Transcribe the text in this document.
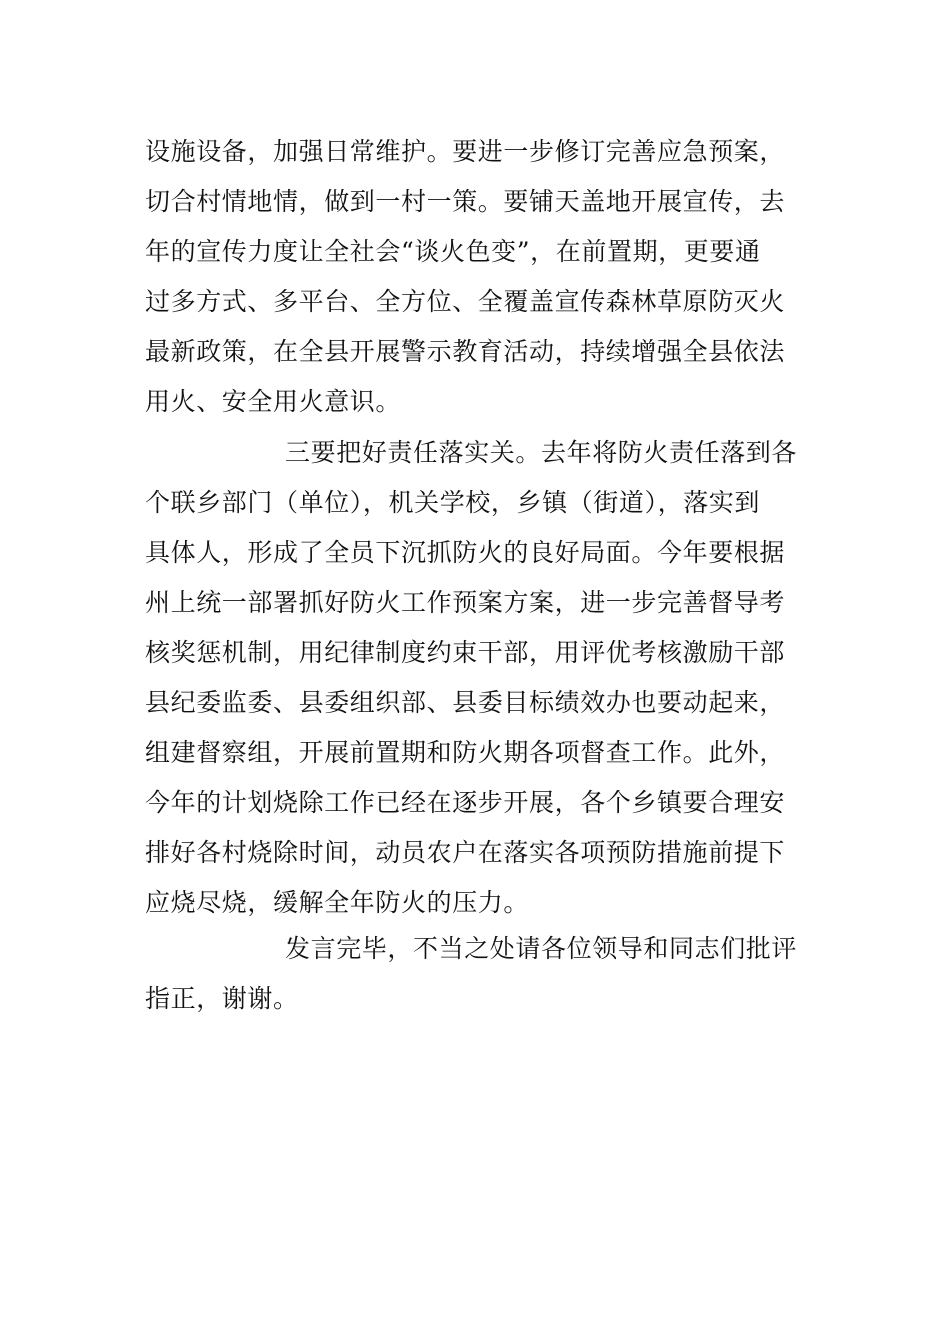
设施设备，加强日常维护。要进一步修订完善应急预案，
切合村情地情，做到一村一策。要铺天盖地开展宣传，去
年的宣传力度让全社会“谈火色变”，在前置期，更要通
过多方式、多平台、全方位、全覆盖宣传森林草原防灭火
最新政策，在全县开展警示教育活动，持续增强全县依法
用火、安全用火意识。
三要把好责任落实关。去年将防火责任落到各
个联乡部门（单位），机关学校，乡镇（街道），落实到
具体人，形成了全员下沉抓防火的良好局面。今年要根据
州上统一部署抓好防火工作预案方案，进一步完善督导考
核奖惩机制，用纪律制度约束干部，用评优考核激励干部
县纪委监委、县委组织部、县委目标绩效办也要动起来，
组建督察组，开展前置期和防火期各项督查工作。此外，
今年的计划烧除工作已经在逐步开展，各个乡镇要合理安
排好各村烧除时间，动员农户在落实各项预防措施前提下
应烧尽烧，缓解全年防火的压力。
发言完毕，不当之处请各位领导和同志们批评
指正，谢谢。
